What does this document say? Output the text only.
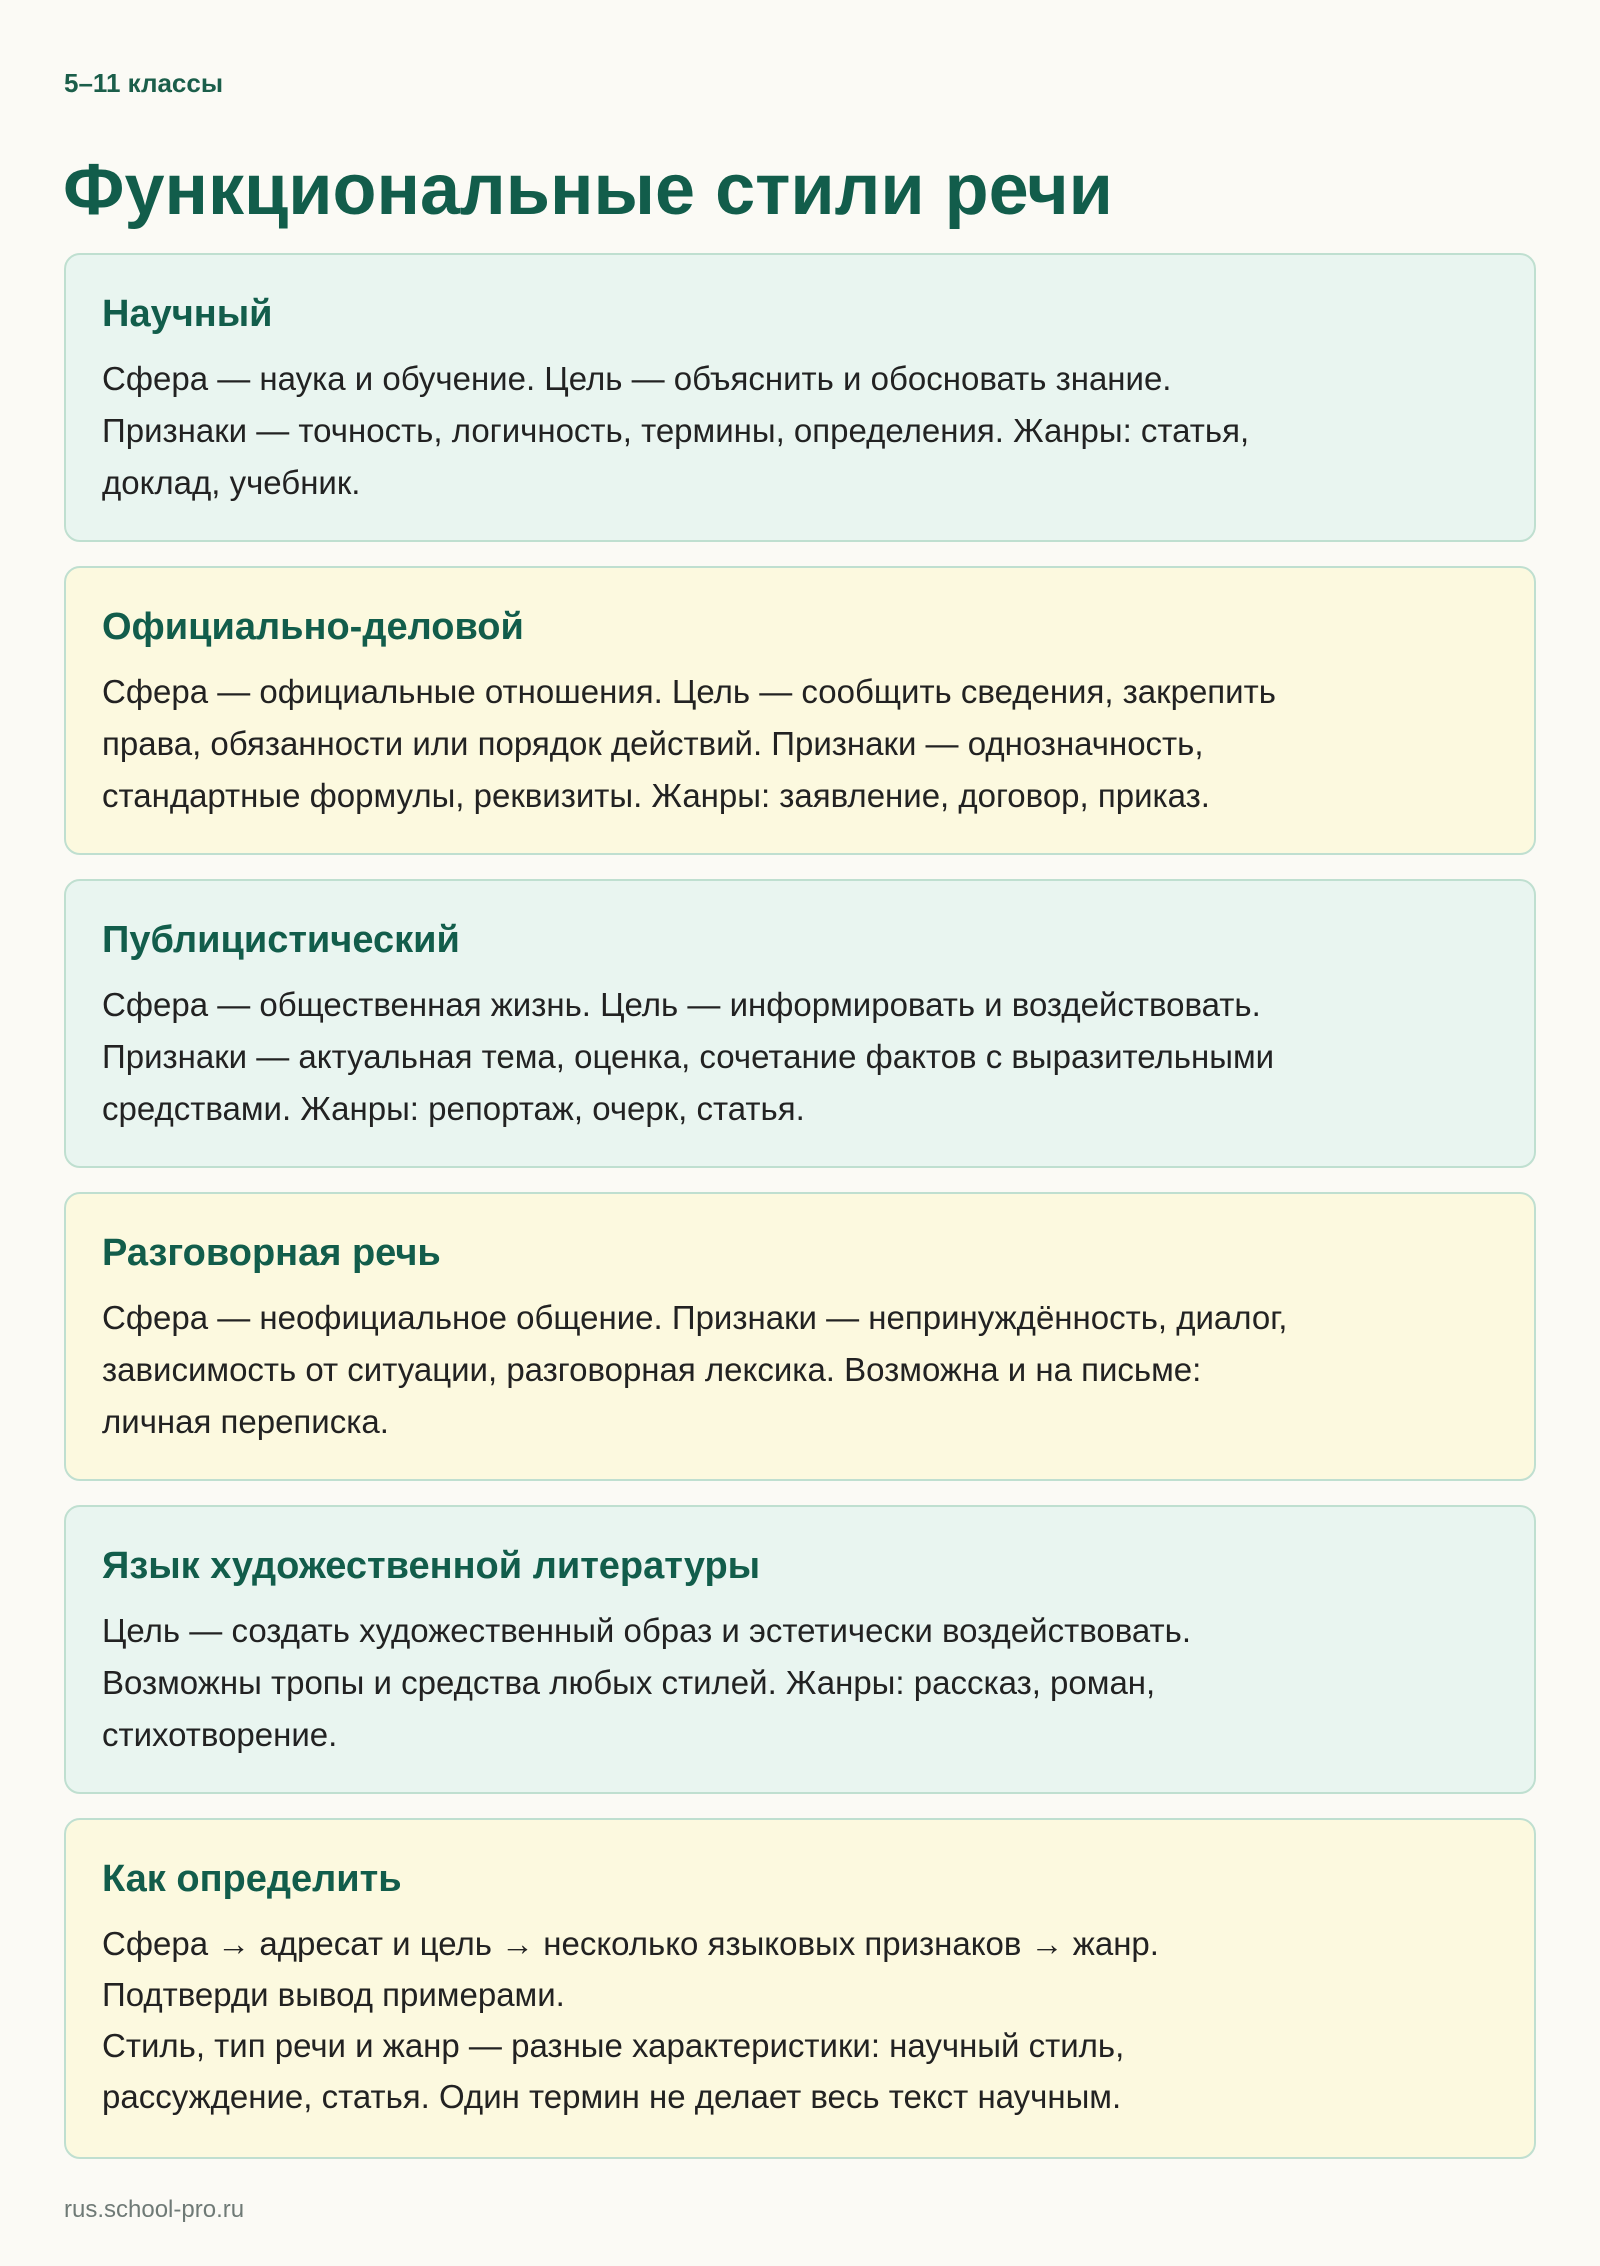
5–11 классы
Функциональные стили речи
Научный

Сфера — наука и обучение. Цель — объяснить и обосновать знание.
Признаки — точность, логичность, термины, определения. Жанры: статья,
доклад, учебник.

Официально-деловой

Сфера — официальные отношения. Цель — сообщить сведения, закрепить
права, обязанности или порядок действий. Признаки — однозначность,
стандартные формулы, реквизиты. Жанры: заявление, договор, приказ.

Публицистический

Сфера — общественная жизнь. Цель — информировать и воздействовать.
Признаки — актуальная тема, оценка, сочетание фактов с выразительными
средствами. Жанры: репортаж, очерк, статья.

Разговорная речь

Сфера — неофициальное общение. Признаки — непринуждённость, диалог,
зависимость от ситуации, разговорная лексика. Возможна и на письме:
личная переписка.

Язык художественной литературы

Цель — создать художественный образ и эстетически воздействовать.
Возможны тропы и средства любых стилей. Жанры: рассказ, роман,
стихотворение.

Как определить

Сфера → адресат и цель → несколько языковых признаков → жанр.
Подтверди вывод примерами.
Стиль, тип речи и жанр — разные характеристики: научный стиль,
рассуждение, статья. Один термин не делает весь текст научным.

rus.school-pro.ru
